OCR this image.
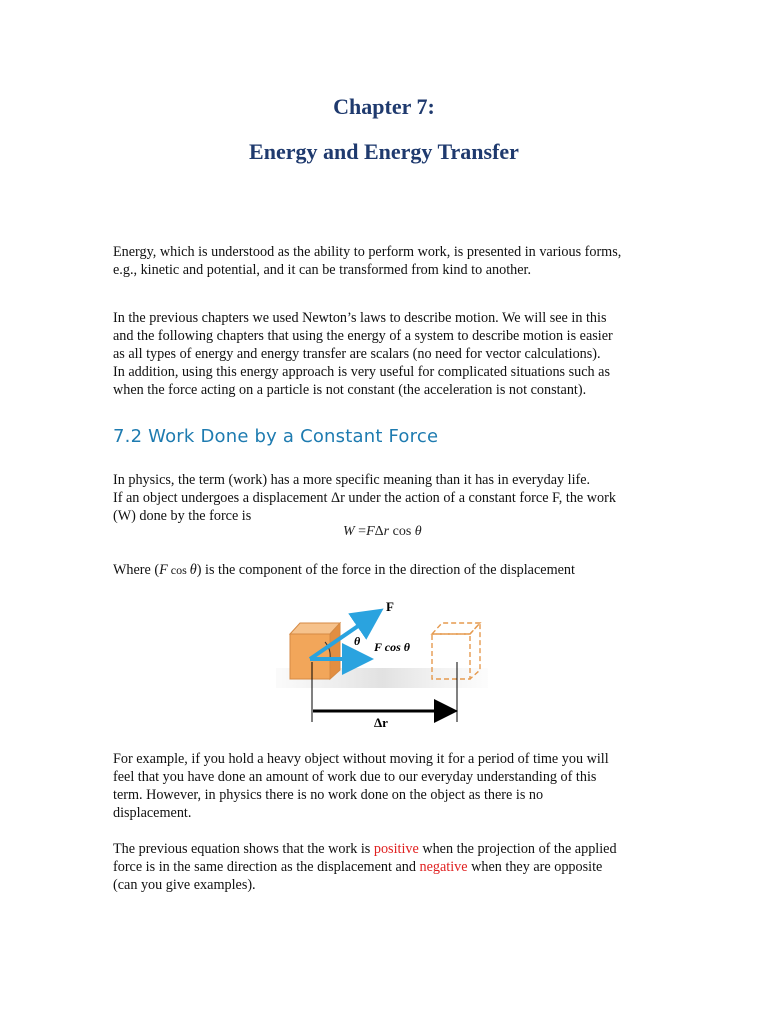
Chapter 7:
Energy and Energy Transfer

Energy, which is understood as the ability to perform work, is presented in various forms,
e.g., kinetic and potential, and it can be transformed from kind to another.

In the previous chapters we used Newton’s laws to describe motion. We will see in this
and the following chapters that using the energy of a system to describe motion is easier
as all types of energy and energy transfer are scalars (no need for vector calculations).
In addition, using this energy approach is very useful for complicated situations such as
when the force acting on a particle is not constant (the acceleration is not constant).

7.2 Work Done by a Constant Force

In physics, the term (work) has a more specific meaning than it has in everyday life.
If an object undergoes a displacement Δr under the action of a constant force F, the work
(W) done by the force is

W =FΔr cos θ

Where (F cos θ) is the component of the force in the direction of the displacement

F
θ F cos θ
Δr

For example, if you hold a heavy object without moving it for a period of time you will
feel that you have done an amount of work due to our everyday understanding of this
term. However, in physics there is no work done on the object as there is no
displacement.

The previous equation shows that the work is positive when the projection of the applied
force is in the same direction as the displacement and negative when they are opposite
(can you give examples).
